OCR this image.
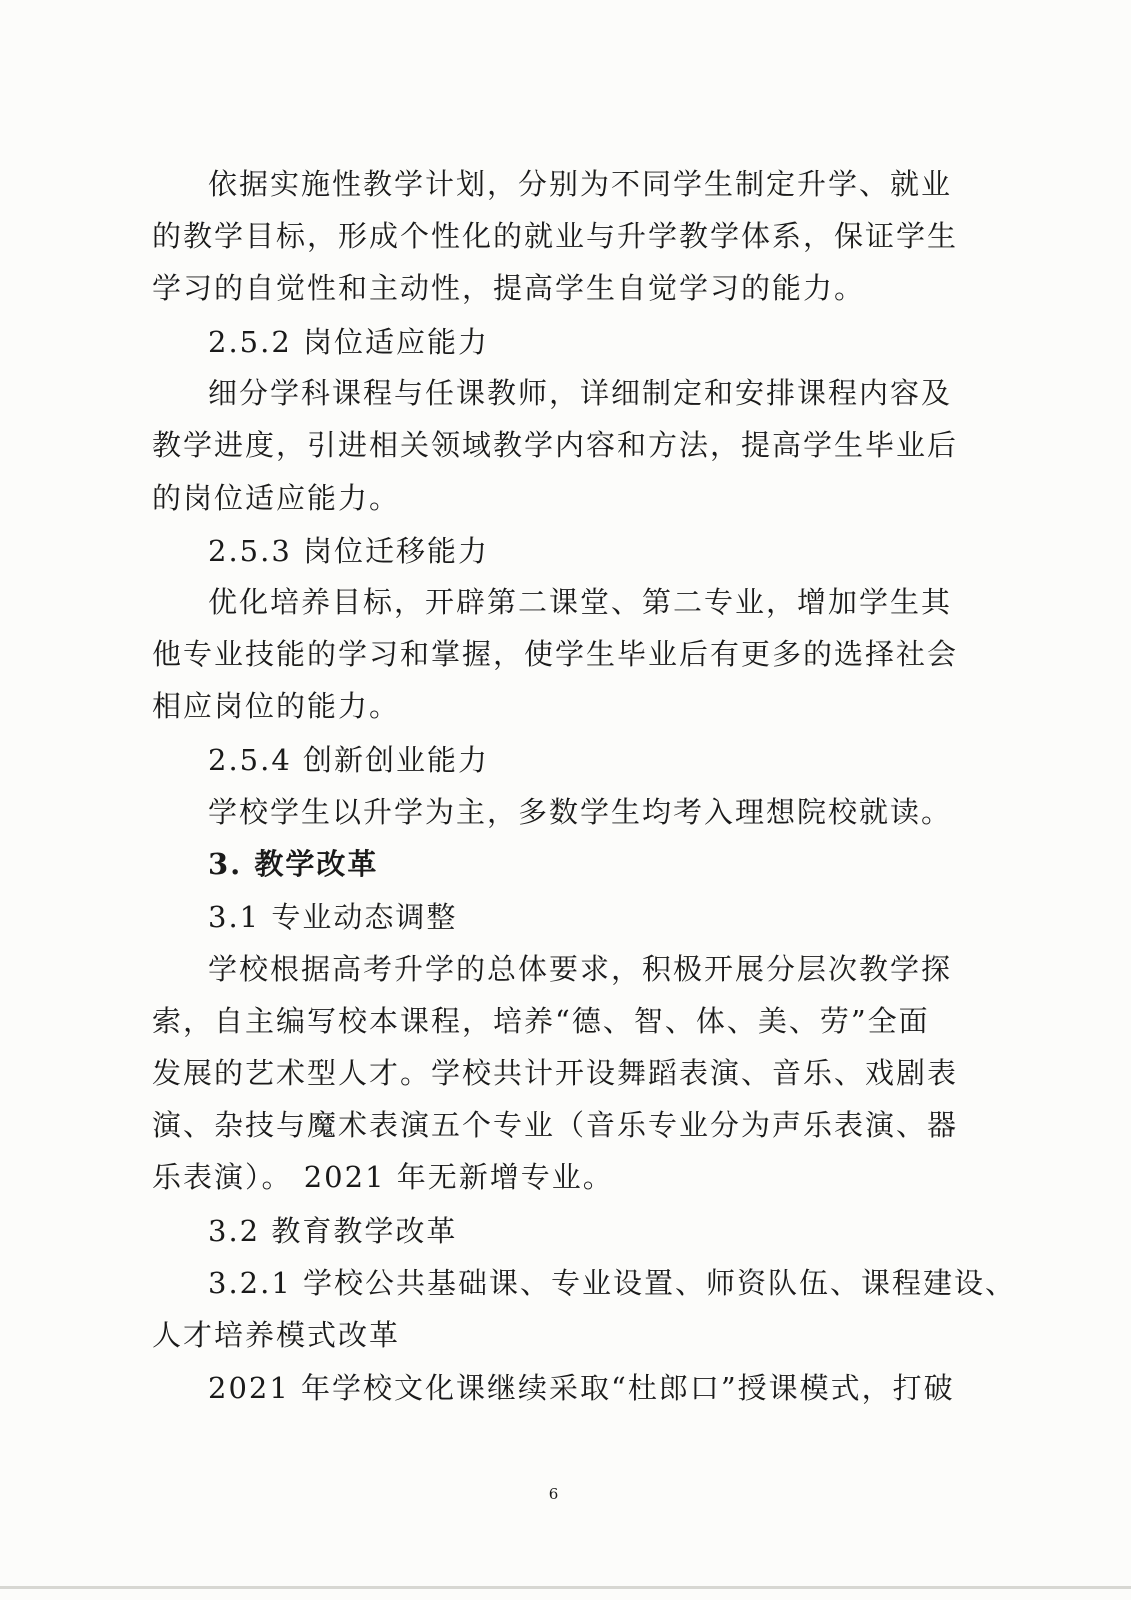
依据实施性教学计划，分别为不同学生制定升学、就业
的教学目标，形成个性化的就业与升学教学体系，保证学生
学习的自觉性和主动性，提高学生自觉学习的能力。
2.5.2 岗位适应能力
细分学科课程与任课教师，详细制定和安排课程内容及
教学进度，引进相关领域教学内容和方法，提高学生毕业后
的岗位适应能力。
2.5.3 岗位迁移能力
优化培养目标，开辟第二课堂、第二专业，增加学生其
他专业技能的学习和掌握，使学生毕业后有更多的选择社会
相应岗位的能力。
2.5.4 创新创业能力
学校学生以升学为主，多数学生均考入理想院校就读。
3. 教学改革
3.1 专业动态调整
学校根据高考升学的总体要求，积极开展分层次教学探
索，自主编写校本课程，培养“德、智、体、美、劳”全面
发展的艺术型人才。学校共计开设舞蹈表演、音乐、戏剧表
演、杂技与魔术表演五个专业（音乐专业分为声乐表演、器
乐表演）。 2021 年无新增专业。
3.2 教育教学改革
3.2.1 学校公共基础课、专业设置、师资队伍、课程建设、
人才培养模式改革
2021 年学校文化课继续采取“杜郎口”授课模式，打破
6
